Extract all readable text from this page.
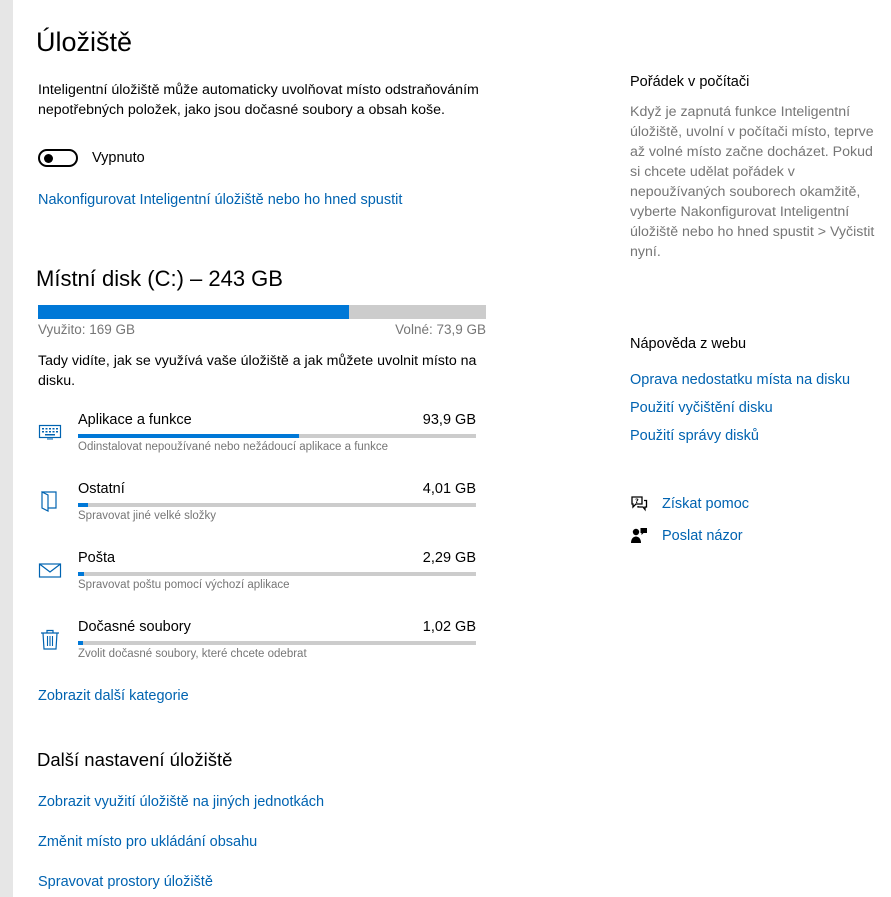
Úložiště
Inteligentní úložiště může automaticky uvolňovat místo odstraňováním nepotřebných položek, jako jsou dočasné soubory a obsah koše.
Vypnuto
Nakonfigurovat Inteligentní úložiště nebo ho hned spustit
Místní disk (C:) – 243 GB
Využito: 169 GB	Volné: 73,9 GB
Tady vidíte, jak se využívá vaše úložiště a jak můžete uvolnit místo na disku.
Aplikace a funkce	93,9 GB
Odinstalovat nepoužívané nebo nežádoucí aplikace a funkce
Ostatní	4,01 GB
Spravovat jiné velké složky
Pošta	2,29 GB
Spravovat poštu pomocí výchozí aplikace
Dočasné soubory	1,02 GB
Zvolit dočasné soubory, které chcete odebrat
Zobrazit další kategorie
Další nastavení úložiště
Zobrazit využití úložiště na jiných jednotkách
Změnit místo pro ukládání obsahu
Spravovat prostory úložiště
Pořádek v počítači
Když je zapnutá funkce Inteligentní úložiště, uvolní v počítači místo, teprve až volné místo začne docházet. Pokud si chcete udělat pořádek v nepoužívaných souborech okamžitě, vyberte Nakonfigurovat Inteligentní úložiště nebo ho hned spustit > Vyčistit nyní.
Nápověda z webu
Oprava nedostatku místa na disku
Použití vyčištění disku
Použití správy disků
? Získat pomoc
Poslat názor
